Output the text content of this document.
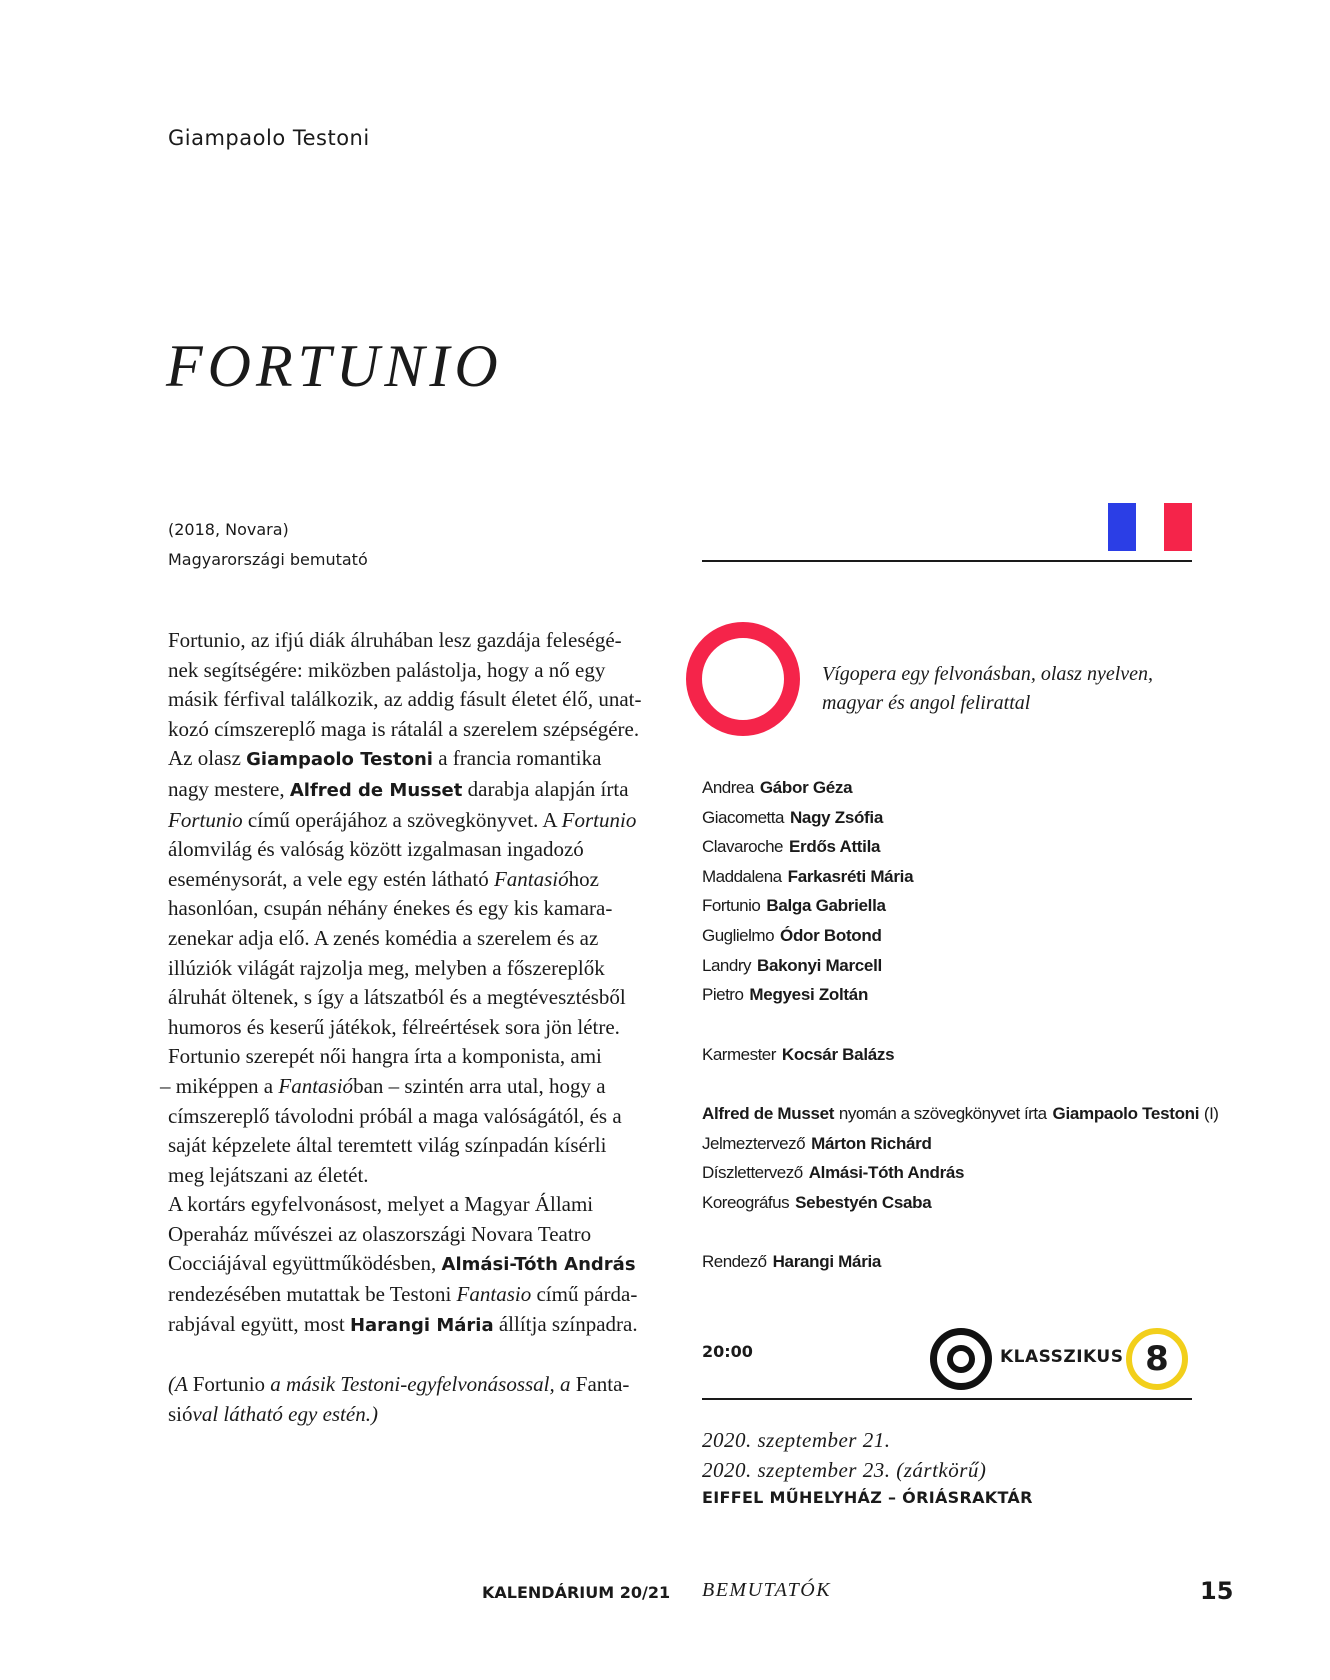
Giampaolo Testoni
FORTUNIO
(2018, Novara)
Magyarországi bemutató

Fortunio, az ifjú diák álruhában lesz gazdája feleségé-

nek segítségére: miközben palástolja, hogy a nő egy

másik férfival találkozik, az addig fásult életet élő, unat-

kozó címszereplő maga is rátalál a szerelem szépségére.

Az olasz Giampaolo Testoni a francia romantika

nagy mestere, Alfred de Musset darabja alapján írta

Fortunio című operájához a szövegkönyvet. A Fortunio

álomvilág és valóság között izgalmasan ingadozó

eseménysorát, a vele egy estén látható Fantasióhoz

hasonlóan, csupán néhány énekes és egy kis kamara-

zenekar adja elő. A zenés komédia a szerelem és az

illúziók világát rajzolja meg, melyben a főszereplők

álruhát öltenek, s így a látszatból és a megtévesztésből

humoros és keserű játékok, félreértések sora jön létre.

Fortunio szerepét női hangra írta a komponista, ami

– miképpen a Fantasióban – szintén arra utal, hogy a

címszereplő távolodni próbál a maga valóságától, és a

saját képzelete által teremtett világ színpadán kísérli

meg lejátszani az életét.

A kortárs egyfelvonásost, melyet a Magyar Állami

Operaház művészei az olaszországi Novara Teatro

Cocciájával együttműködésben, Almási-Tóth András

rendezésében mutattak be Testoni Fantasio című párda-

rabjával együtt, most Harangi Mária állítja színpadra.

(A Fortunio a másik Testoni-egyfelvonásossal, a Fanta-
sióval látható egy estén.)
Vígopera egy felvonásban, olasz nyelven,
magyar és angol felirattal
Andrea Gábor Géza
Giacometta Nagy Zsófia
Clavaroche Erdős Attila
Maddalena Farkasréti Mária
Fortunio Balga Gabriella
Guglielmo Ódor Botond
Landry Bakonyi Marcell
Pietro Megyesi Zoltán
Karmester Kocsár Balázs
Alfred de Musset nyomán a szövegkönyvet írta Giampaolo Testoni (I)
Jelmeztervező Márton Richárd
Díszlettervező Almási-Tóth András
Koreográfus Sebestyén Csaba
Rendező Harangi Mária
20:00	KLASSZIKUS 8
2020. szeptember 21.
2020. szeptember 23. (zártkörű)
EIFFEL MŰHELYHÁZ – ÓRIÁSRAKTÁR
KALENDÁRIUM 20/21 BEMUTATÓK	15
